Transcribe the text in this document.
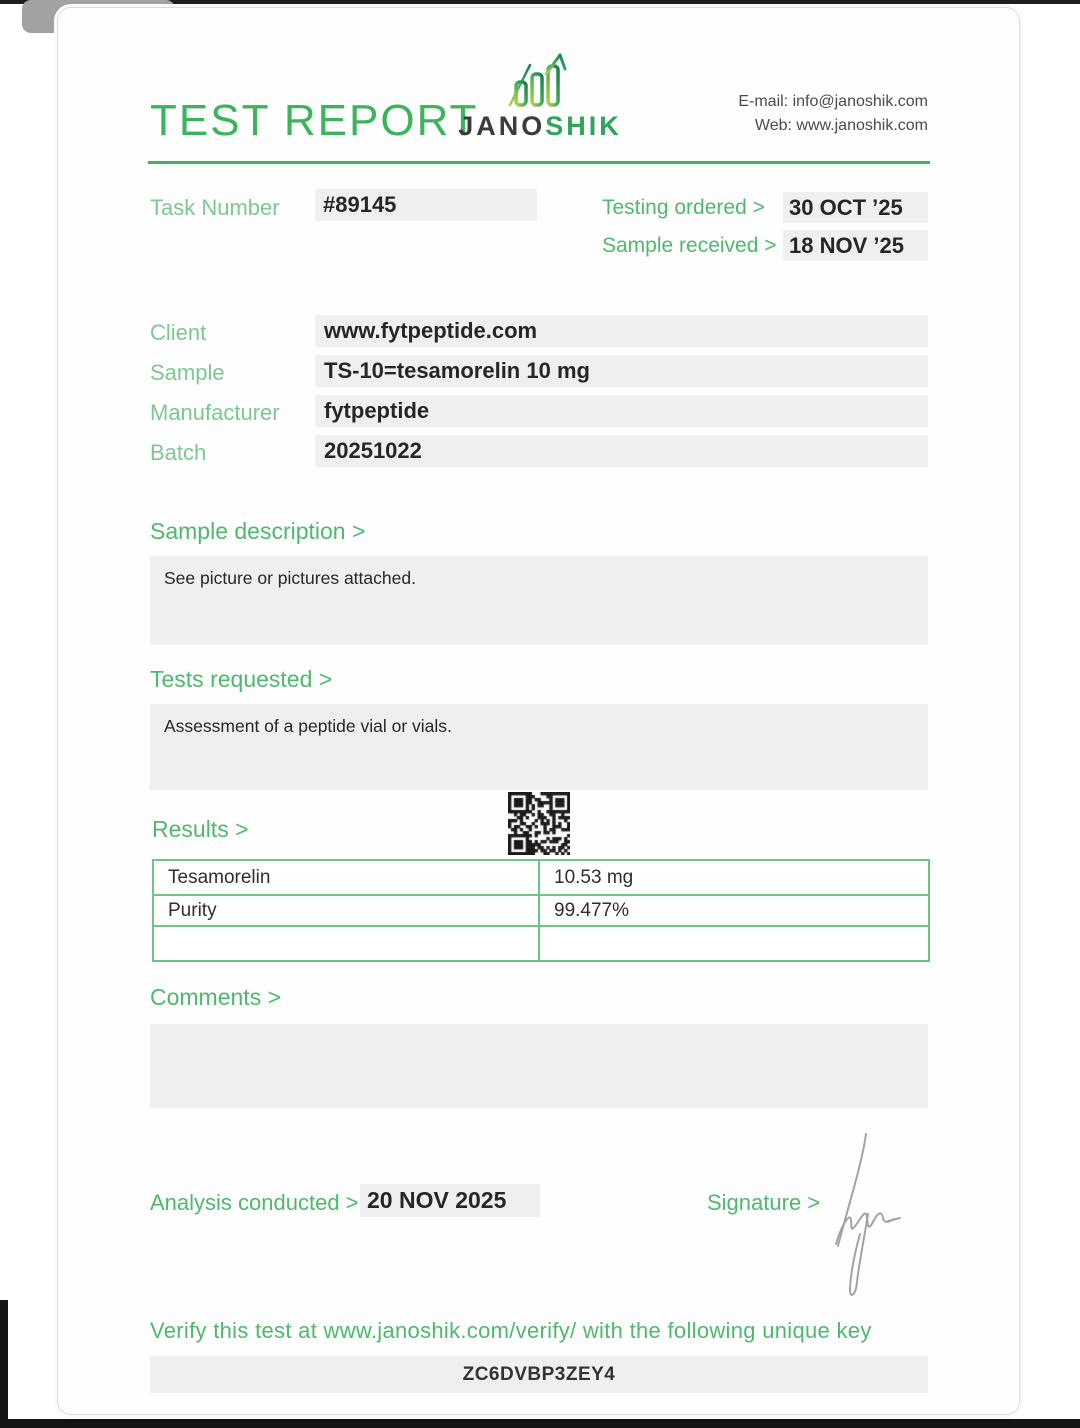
TEST REPORT
JANOSHIK
E-mail: info@janoshik.com
Web: www.janoshik.com
Task Number	#89145	Testing ordered > 30 OCT ’25
Sample received > 18 NOV ’25
Client	www.fytpeptide.com
Sample	TS-10=tesamorelin 10 mg
Manufacturer	fytpeptide
Batch	20251022
Sample description >
See picture or pictures attached.
Tests requested >
Assessment of a peptide vial or vials.
Results >
Tesamorelin	10.53 mg
Purity	99.477%
Comments >
Analysis conducted > 20 NOV 2025	Signature >
Verify this test at www.janoshik.com/verify/ with the following unique key
ZC6DVBP3ZEY4
